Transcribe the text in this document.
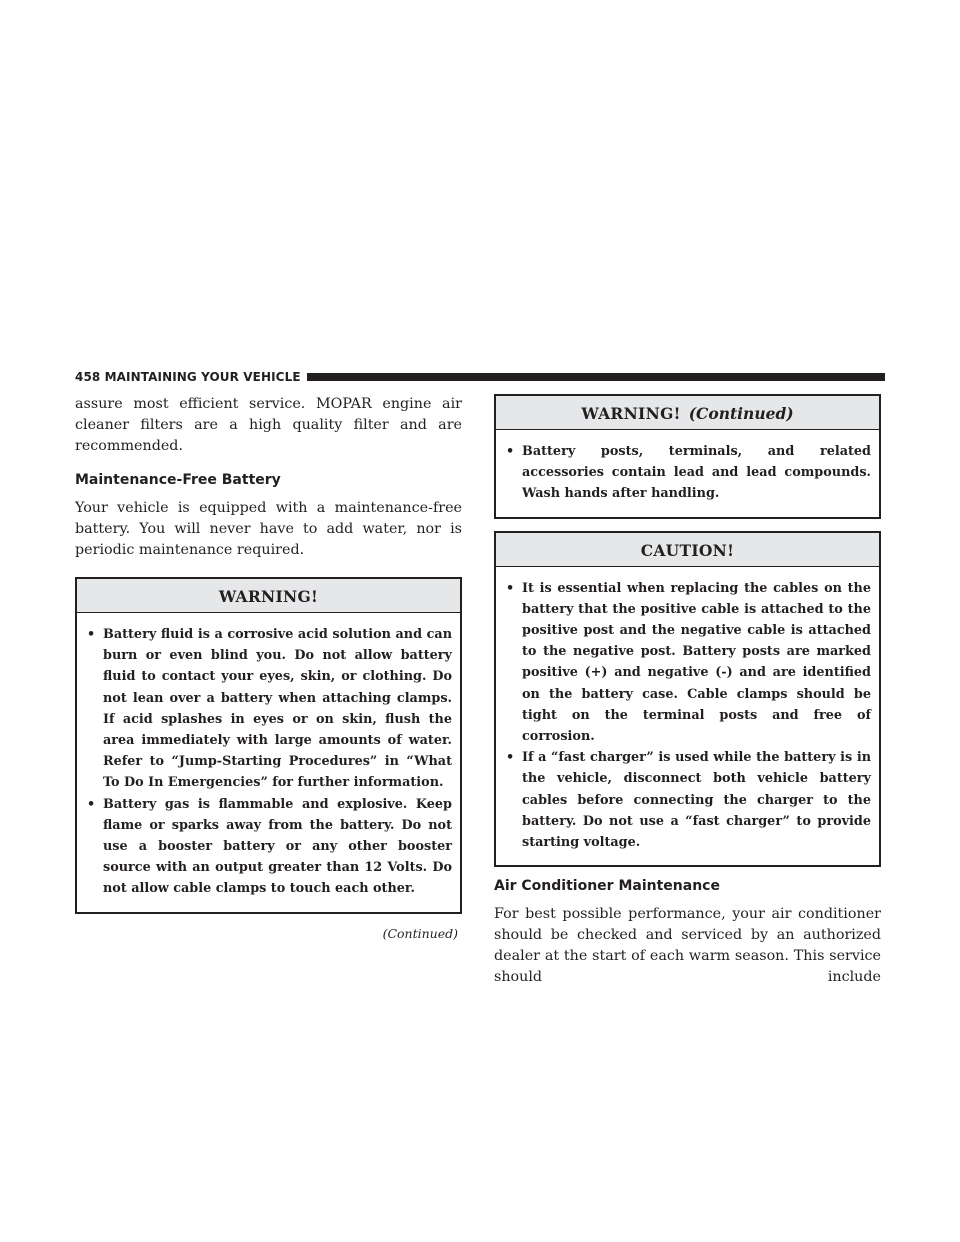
458 MAINTAINING YOUR VEHICLE

assure most efficient service. MOPAR engine air cleaner filters are a high quality filter and are recommended.

Maintenance-Free Battery

Your vehicle is equipped with a maintenance-free battery. You will never have to add water, nor is periodic maintenance required.

WARNING!
• Battery fluid is a corrosive acid solution and can burn or even blind you. Do not allow battery fluid to contact your eyes, skin, or clothing. Do not lean over a battery when attaching clamps. If acid splashes in eyes or on skin, flush the area immediately with large amounts of water. Refer to “Jump-Starting Procedures” in “What To Do In Emergencies” for further information.
• Battery gas is flammable and explosive. Keep flame or sparks away from the battery. Do not use a booster battery or any other booster source with an output greater than 12 Volts. Do not allow cable clamps to touch each other.
(Continued)
WARNING! (Continued)
• Battery posts, terminals, and related accessories contain lead and lead compounds. Wash hands after handling.
CAUTION!
• It is essential when replacing the cables on the battery that the positive cable is attached to the positive post and the negative cable is attached to the negative post. Battery posts are marked positive (+) and negative (-) and are identified on the battery case. Cable clamps should be tight on the terminal posts and free of corrosion.
• If a “fast charger” is used while the battery is in the vehicle, disconnect both vehicle battery cables before connecting the charger to the battery. Do not use a “fast charger” to provide starting voltage.
Air Conditioner Maintenance

For best possible performance, your air conditioner should be checked and serviced by an authorized dealer at the start of each warm season. This service should include
